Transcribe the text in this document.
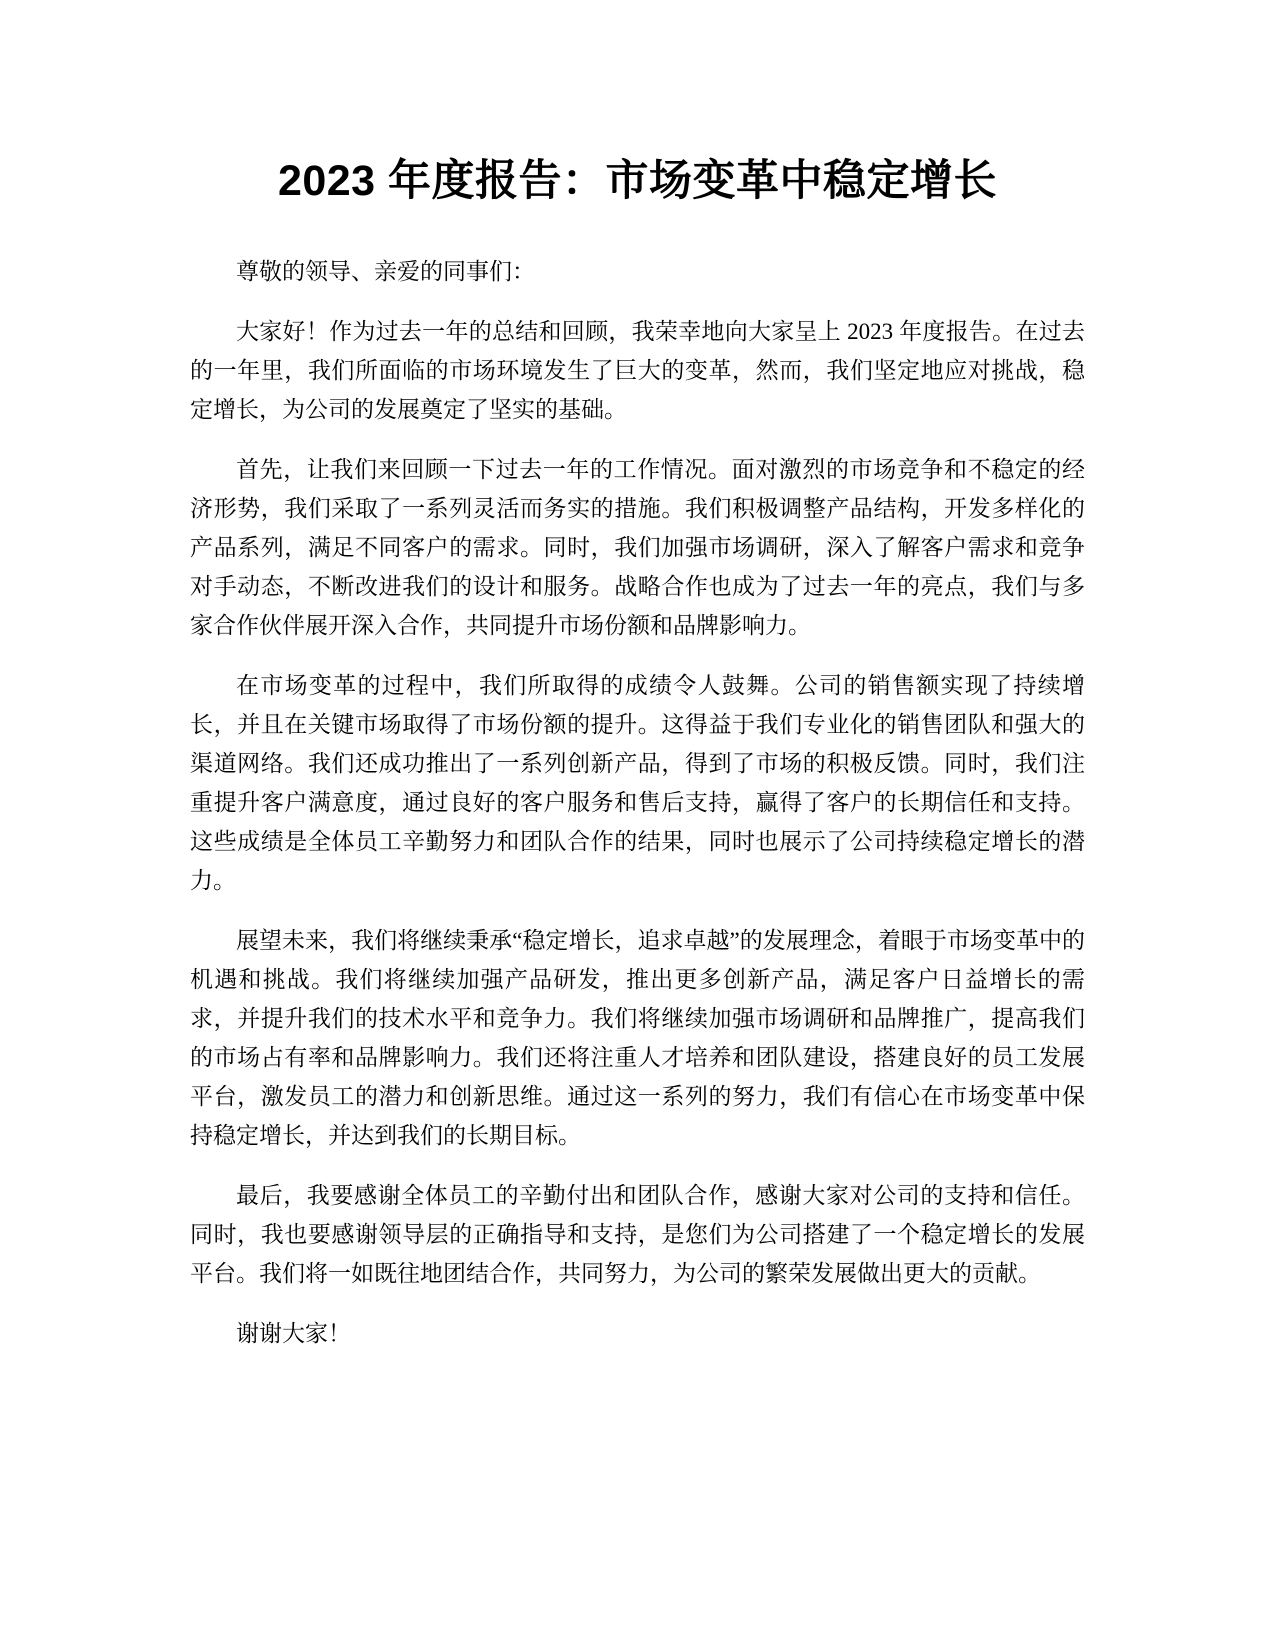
2023 年度报告：市场变革中稳定增长

尊敬的领导、亲爱的同事们：

大家好！作为过去一年的总结和回顾，我荣幸地向大家呈上 2023 年度报告。在过去的一年里，我们所面临的市场环境发生了巨大的变革，然而，我们坚定地应对挑战，稳定增长，为公司的发展奠定了坚实的基础。

首先，让我们来回顾一下过去一年的工作情况。面对激烈的市场竞争和不稳定的经济形势，我们采取了一系列灵活而务实的措施。我们积极调整产品结构，开发多样化的产品系列，满足不同客户的需求。同时，我们加强市场调研，深入了解客户需求和竞争对手动态，不断改进我们的设计和服务。战略合作也成为了过去一年的亮点，我们与多家合作伙伴展开深入合作，共同提升市场份额和品牌影响力。

在市场变革的过程中，我们所取得的成绩令人鼓舞。公司的销售额实现了持续增长，并且在关键市场取得了市场份额的提升。这得益于我们专业化的销售团队和强大的渠道网络。我们还成功推出了一系列创新产品，得到了市场的积极反馈。同时，我们注重提升客户满意度，通过良好的客户服务和售后支持，赢得了客户的长期信任和支持。这些成绩是全体员工辛勤努力和团队合作的结果，同时也展示了公司持续稳定增长的潜力。

展望未来，我们将继续秉承“稳定增长，追求卓越”的发展理念，着眼于市场变革中的机遇和挑战。我们将继续加强产品研发，推出更多创新产品，满足客户日益增长的需求，并提升我们的技术水平和竞争力。我们将继续加强市场调研和品牌推广，提高我们的市场占有率和品牌影响力。我们还将注重人才培养和团队建设，搭建良好的员工发展平台，激发员工的潜力和创新思维。通过这一系列的努力，我们有信心在市场变革中保持稳定增长，并达到我们的长期目标。

最后，我要感谢全体员工的辛勤付出和团队合作，感谢大家对公司的支持和信任。同时，我也要感谢领导层的正确指导和支持，是您们为公司搭建了一个稳定增长的发展平台。我们将一如既往地团结合作，共同努力，为公司的繁荣发展做出更大的贡献。

谢谢大家！
